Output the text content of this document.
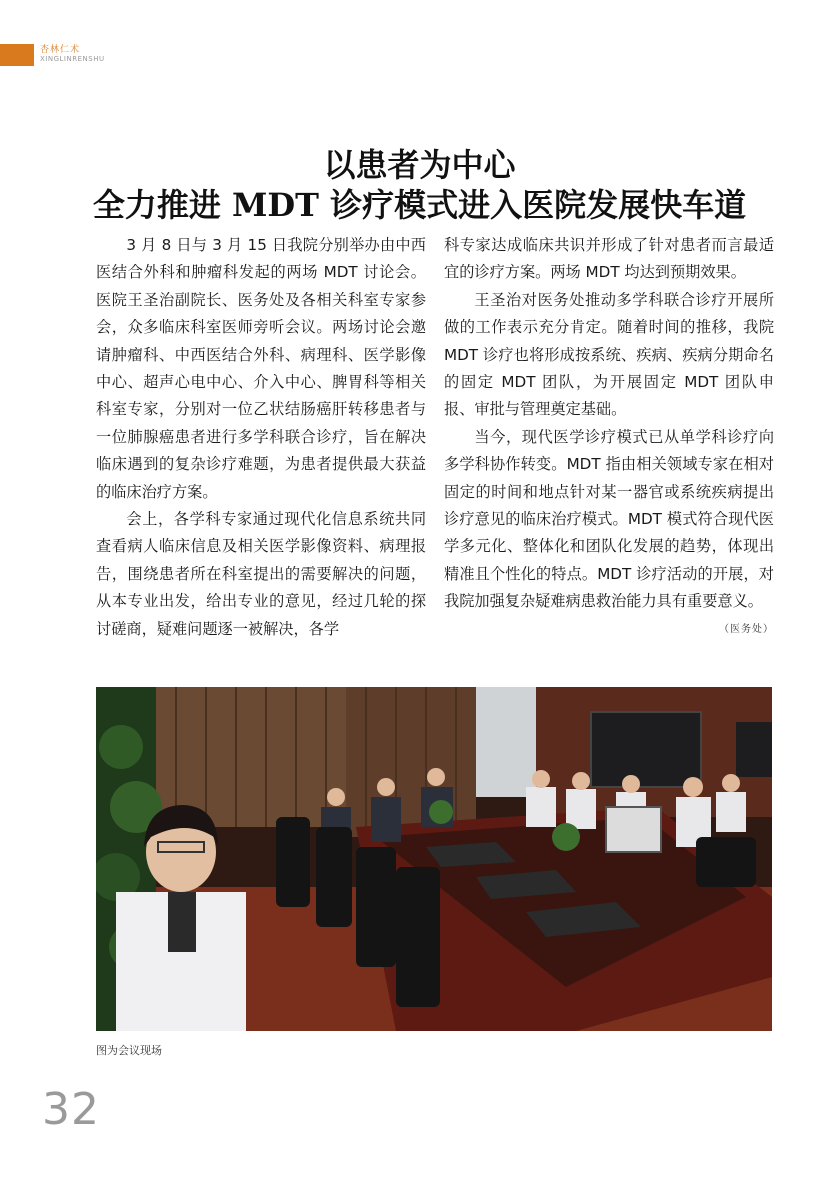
杏林仁术
XINGLINRENSHU
以患者为中心
全力推进 MDT 诊疗模式进入医院发展快车道

3 月 8 日与 3 月 15 日我院分别举办由中西医结合外科和肿瘤科发起的两场 MDT 讨论会。医院王圣治副院长、医务处及各相关科室专家参会，众多临床科室医师旁听会议。两场讨论会邀请肿瘤科、中西医结合外科、病理科、医学影像中心、超声心电中心、介入中心、脾胃科等相关科室专家，分别对一位乙状结肠癌肝转移患者与一位肺腺癌患者进行多学科联合诊疗，旨在解决临床遇到的复杂诊疗难题，为患者提供最大获益的临床治疗方案。

会上，各学科专家通过现代化信息系统共同查看病人临床信息及相关医学影像资料、病理报告，围绕患者所在科室提出的需要解决的问题，从本专业出发，给出专业的意见，经过几轮的探讨磋商，疑难问题逐一被解决，各学

科专家达成临床共识并形成了针对患者而言最适宜的诊疗方案。两场 MDT 均达到预期效果。

王圣治对医务处推动多学科联合诊疗开展所做的工作表示充分肯定。随着时间的推移，我院 MDT 诊疗也将形成按系统、疾病、疾病分期命名的固定 MDT 团队，为开展固定 MDT 团队申报、审批与管理奠定基础。

当今，现代医学诊疗模式已从单学科诊疗向多学科协作转变。MDT 指由相关领域专家在相对固定的时间和地点针对某一器官或系统疾病提出诊疗意见的临床治疗模式。MDT 模式符合现代医学多元化、整体化和团队化发展的趋势，体现出精准且个性化的特点。MDT 诊疗活动的开展，对我院加强复杂疑难病患救治能力具有重要意义。
（医务处）

图为会议现场
32
